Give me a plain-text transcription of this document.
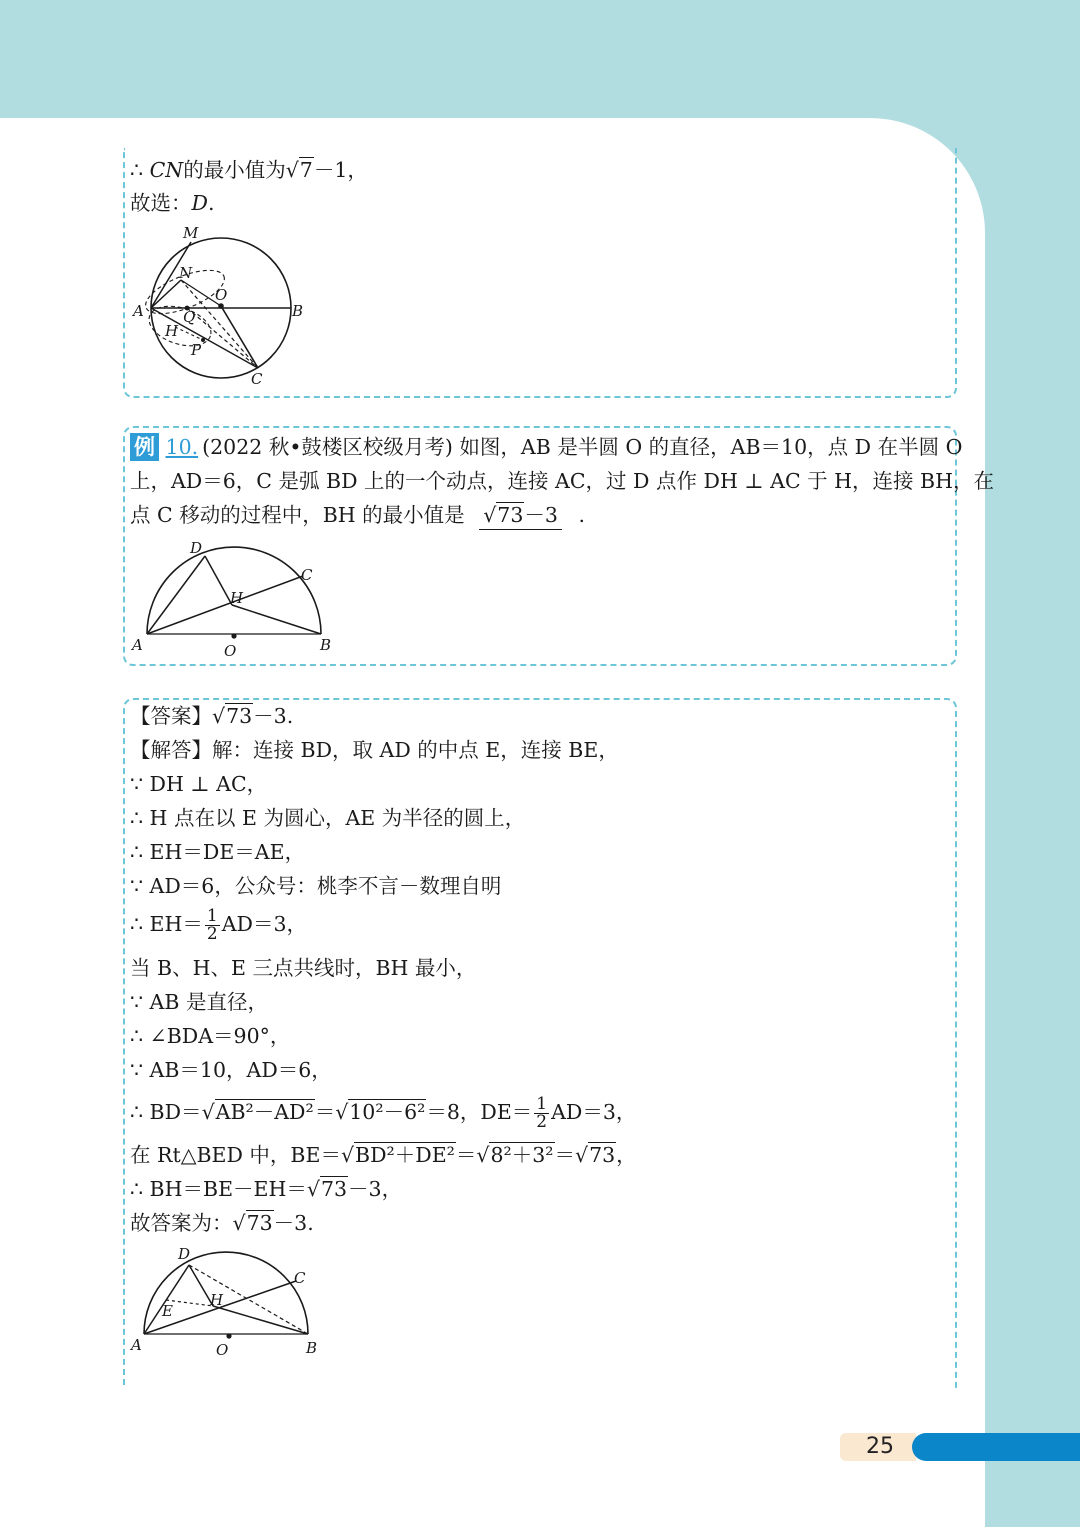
∴ CN的最小值为√7－1，
故选：D.
M
N
O
A	B
Q
H
P
C
例 10. (2022 秋•鼓楼区校级月考) 如图，AB 是半圆 O 的直径，AB＝10，点 D 在半圆 O
上，AD＝6，C 是弧 BD 上的一个动点，连接 AC，过 D 点作 DH ⊥ AC 于 H，连接 BH，在
点 C 移动的过程中，BH 的最小值是 √73－3 .
D
C
H
A	O	B
【答案】√73－3.
【解答】解：连接 BD，取 AD 的中点 E，连接 BE，
∵ DH ⊥ AC，
∴ H 点在以 E 为圆心，AE 为半径的圆上，
∴ EH＝DE＝AE，
∵ AD＝6，公众号：桃李不言－数理自明
∴ $EH= \frac{1}{2} AD=3$，
当 B、H、E 三点共线时，BH 最小，
∵ AB 是直径，
∴ ∠BDA＝90°，
∵ AB＝10，AD＝6，
∴ BD＝√AB²－AD²＝√10²－6²＝8，$DE= \frac{1}{2} AD=3$，
在 Rt△BED 中，BE＝√BD²＋DE²＝√8²＋3²＝√73，
∴ BH＝BE－EH＝√73－3，
故答案为：√73－3.
D
C
H
E
A	O	B
25
